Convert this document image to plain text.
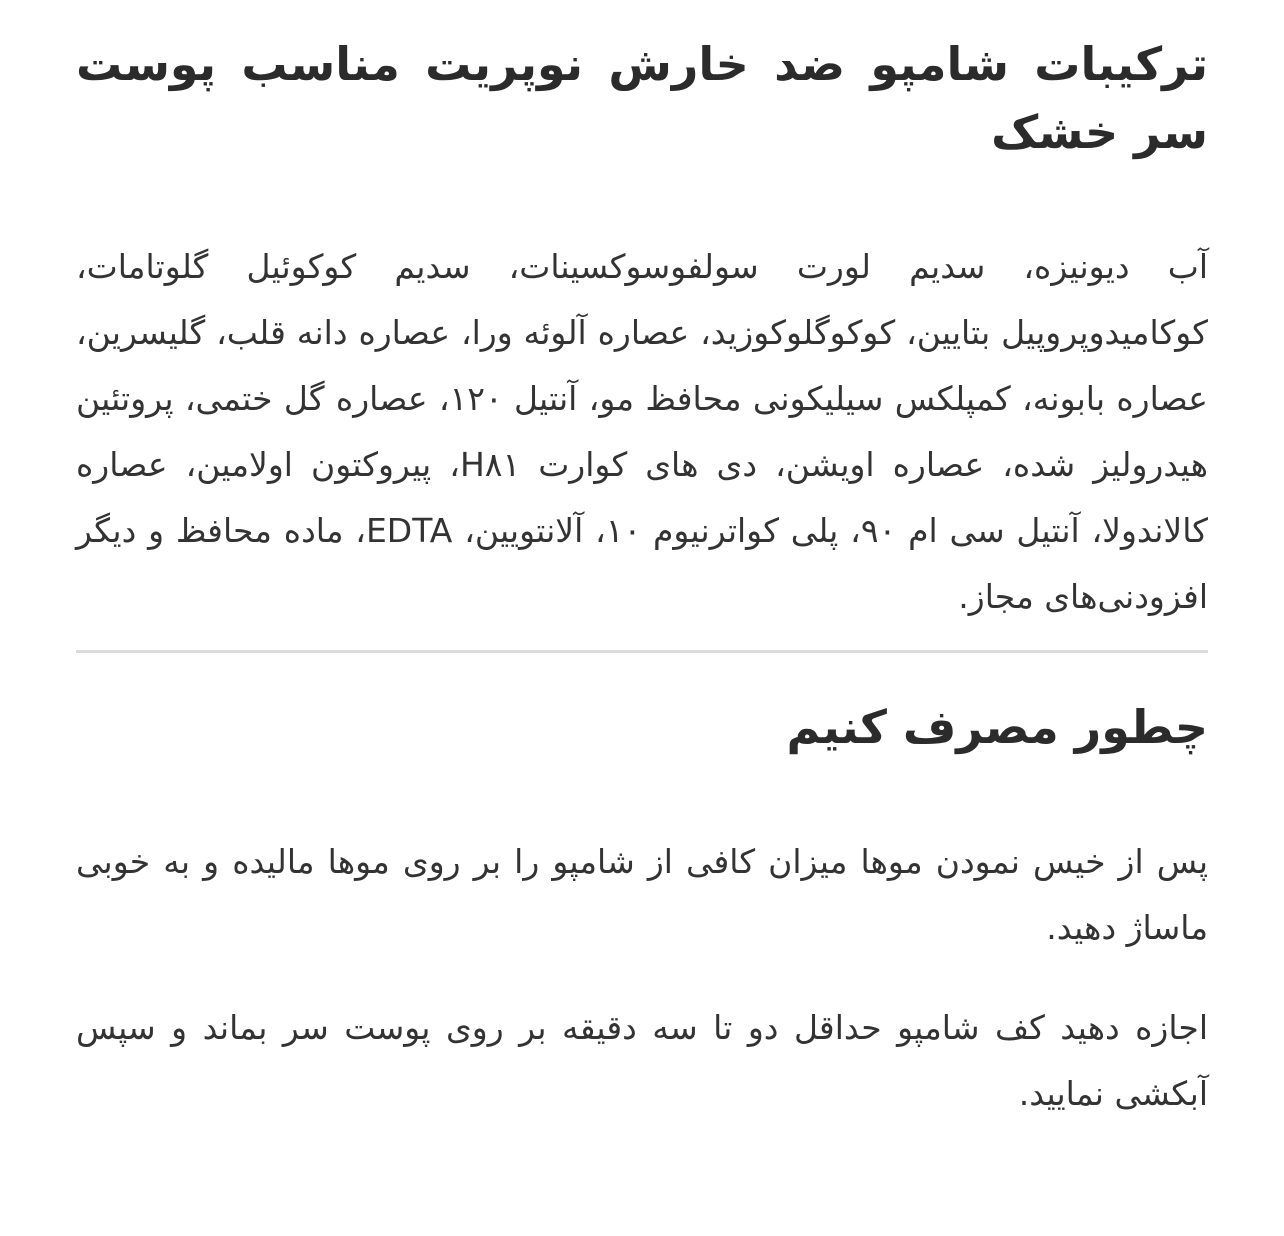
ترکیبات شامپو ضد خارش نوپریت مناسب پوست سر خشک

آب دیونیزه، سدیم لورت سولفوسوکسینات، سدیم کوکوئیل گلوتامات، کوکامیدوپروپیل بتایین، کوکوگلوکوزید، عصاره آلوئه ورا، عصاره دانه قلب، گلیسرین، عصاره بابونه، کمپلکس سیلیکونی محافظ مو، آنتیل ۱۲۰، عصاره گل ختمی، پروتئین هیدرولیز شده، عصاره اویشن، دی های کوارت H۸۱، پیروکتون اولامین، عصاره کالاندولا، آنتیل سی ام ۹۰، پلی کواترنیوم ۱۰، آلانتویین، EDTA، ماده محافظ و دیگر افزودنی‌های مجاز.

چطور مصرف کنیم

پس از خیس نمودن موها میزان کافی از شامپو را بر روی موها مالیده و به خوبی ماساژ دهید.

اجازه دهید کف شامپو حداقل دو تا سه دقیقه بر روی پوست سر بماند و سپس آبکشی نمایید.
